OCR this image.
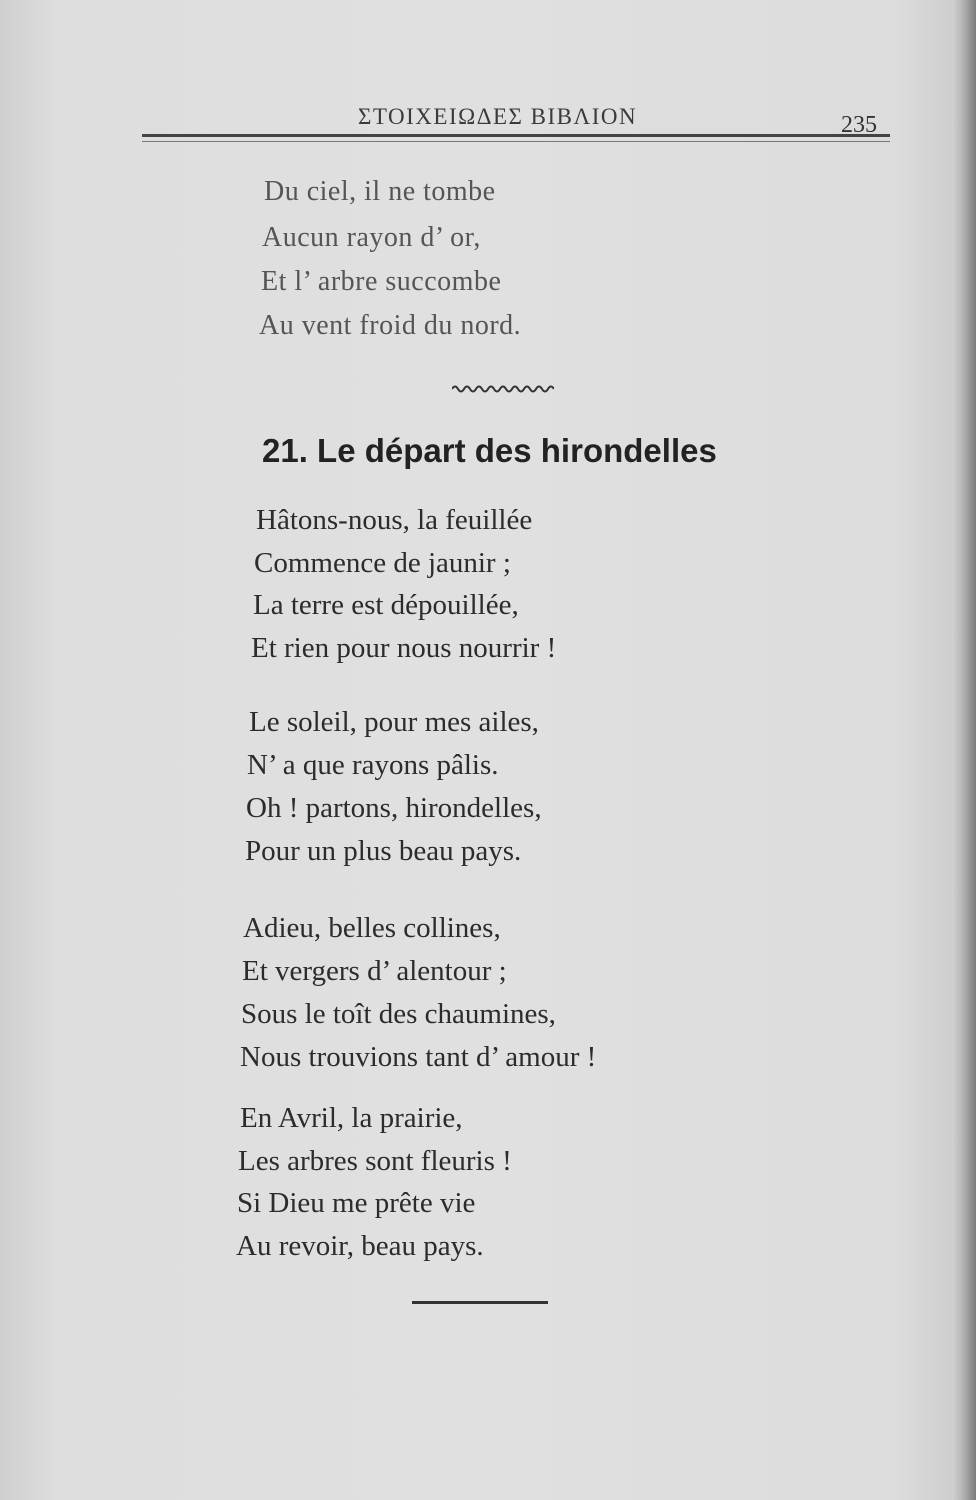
ΣΤΟΙΧΕΙΩΔΕΣ ΒΙΒΛΙΟΝ	235
Du ciel, il ne tombe
Aucun rayon d’ or,
Et l’ arbre succombe
Au vent froid du nord.
21. Le départ des hirondelles
Hâtons-nous, la feuillée
Commence de jaunir ;
La terre est dépouillée,
Et rien pour nous nourrir !
Le soleil, pour mes ailes,
N’ a que rayons pâlis.
Oh ! partons, hirondelles,
Pour un plus beau pays.
Adieu, belles collines,
Et vergers d’ alentour ;
Sous le toît des chaumines,
Nous trouvions tant d’ amour !
En Avril, la prairie,
Les arbres sont fleuris !
Si Dieu me prête vie
Au revoir, beau pays.
